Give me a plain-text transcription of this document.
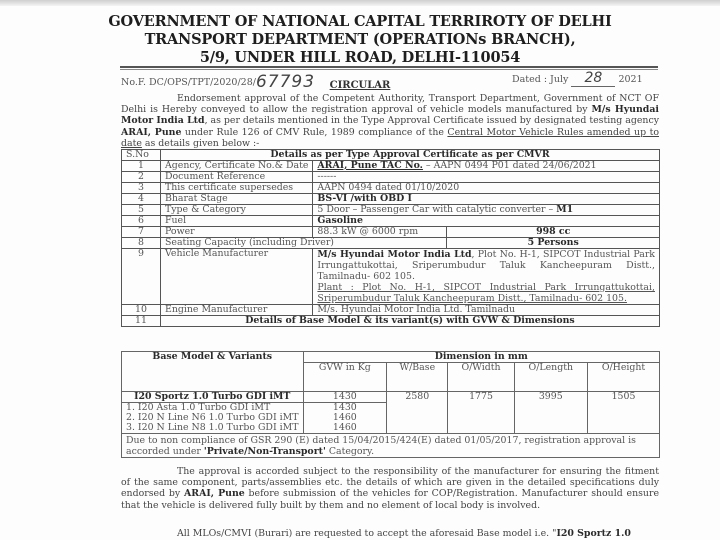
GOVERNMENT OF NATIONAL CAPITAL TERRIROTY OF DELHI
TRANSPORT DEPARTMENT (OPERATIONs BRANCH),
5/9, UNDER HILL ROAD, DELHI-110054
No.F. DC/OPS/TPT/2020/28/67793	Dated : July 28 2021
CIRCULAR
Endorsement approval of the Competent Authority, Transport Department, Government of NCT OF Delhi is Hereby conveyed to allow the registration approval of vehicle models manufactured by M/s Hyundai Motor India Ltd, as per details mentioned in the Type Approval Certificate issued by designated testing agency ARAI, Pune under Rule 126 of CMV Rule, 1989 compliance of the Central Motor Vehicle Rules amended up to date as details given below :-
S.No	Details as per Type Approval Certificate as per CMVR		
1	Agency, Certificate No.& Date	ARAI, Pune TAC No. – AAPN 0494 P01 dated 24/06/2021	
2	Document Reference	------	
3	This certificate supersedes	AAPN 0494 dated 01/10/2020	
4	Bharat Stage	BS-VI /with OBD I	
5	Type & Category	5 Door – Passenger Car with catalytic converter – M1	
6	Fuel	Gasoline	
7	Power	88.3 kW @ 6000 rpm	998 cc
8	Seating Capacity (including Driver)		5 Persons
9	Vehicle Manufacturer	M/s Hyundai Motor India Ltd, Plot No. H-1, SIPCOT Industrial Park Irrungattukottai, Sriperumbudur Taluk Kancheepuram Distt., Tamilnadu- 602 105.
Plant : Plot No. H-1, SIPCOT Industrial Park Irrungattukottai, Sriperumbudur Taluk Kancheepuram Distt., Tamilnadu- 602 105.	
10	Engine Manufacturer	M/s. Hyundai Motor India Ltd. Tamilnadu	
11	Details of Base Model & its variant(s) with GVW & Dimensions		
Base Model & Variants	Dimension in mm				
	GVW in Kg	W/Base	O/Width	O/Length	O/Height
I20 Sportz 1.0 Turbo GDI iMT	1430	2580	1775	3995	1505
1. I20 Asta 1.0 Turbo GDI iMT	1430				
2. I20 N Line N6 1.0 Turbo GDI iMT	1460				
3. I20 N Line N8 1.0 Turbo GDI iMT	1460				
Due to non compliance of GSR 290 (E) dated 15/04/2015/424(E) dated 01/05/2017, registration approval is accorded under 'Private/Non-Transport' Category.					
The approval is accorded subject to the responsibility of the manufacturer for ensuring the fitment of the same component, parts/assemblies etc. the details of which are given in the detailed specifications duly endorsed by ARAI, Pune before submission of the vehicles for COP/Registration. Manufacturer should ensure that the vehicle is delivered fully built by them and no element of local body is involved.
All MLOs/CMVI (Burari) are requested to accept the aforesaid Base model i.e. "I20 Sportz 1.0
